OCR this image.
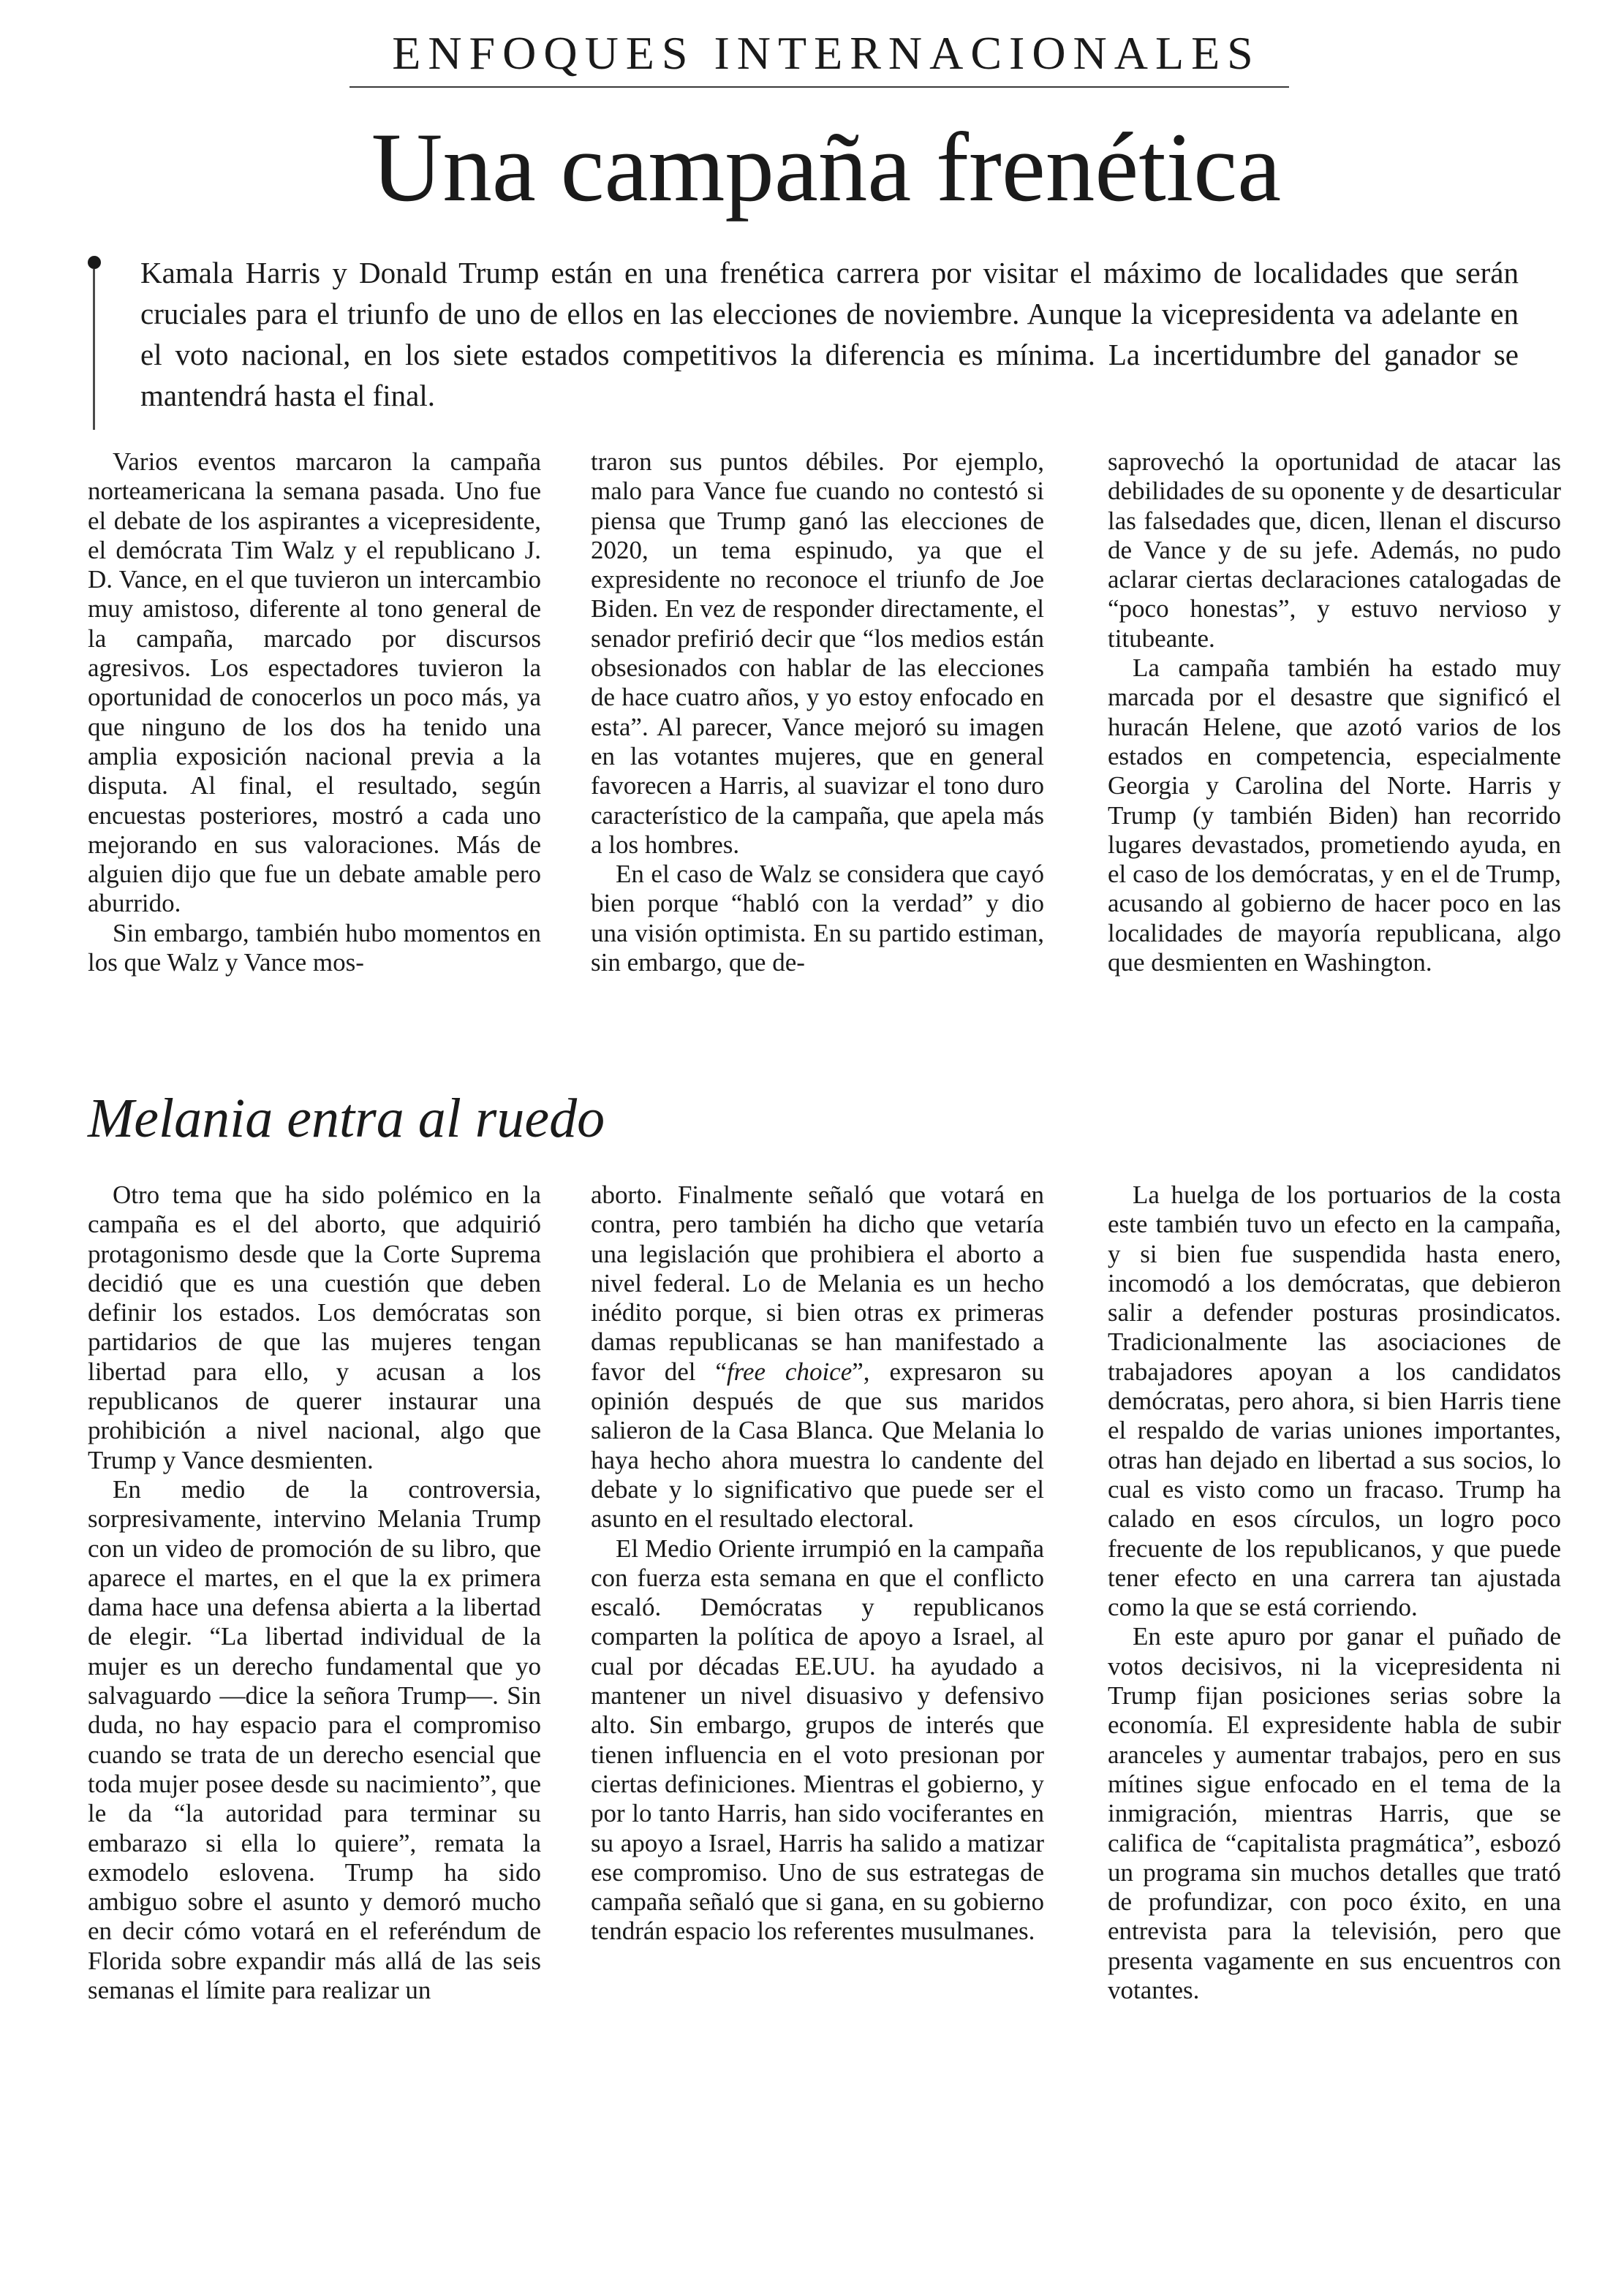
ENFOQUES INTERNACIONALES
Una campaña frenética
Kamala Harris y Donald Trump están en una frenética carrera por visitar el máximo de localidades que serán cruciales para el triunfo de uno de ellos en las elecciones de noviembre. Aunque la vicepresidenta va adelante en el voto nacional, en los siete estados competitivos la diferencia es mínima. La incertidumbre del ganador se mantendrá hasta el final.

Varios eventos marcaron la campaña norteamericana la semana pasada. Uno fue el debate de los aspirantes a vicepresidente, el demócrata Tim Walz y el republicano J. D. Vance, en el que tuvieron un intercambio muy amistoso, diferente al tono general de la campaña, marcado por discursos agresivos. Los espectadores tuvieron la oportunidad de conocerlos un poco más, ya que ninguno de los dos ha tenido una amplia exposición nacional previa a la disputa. Al final, el resultado, según encuestas posteriores, mostró a cada uno mejorando en sus valoraciones. Más de alguien dijo que fue un debate amable pero aburrido.

Sin embargo, también hubo momentos en los que Walz y Vance mos-

traron sus puntos débiles. Por ejemplo, malo para Vance fue cuando no contestó si piensa que Trump ganó las elecciones de 2020, un tema espinudo, ya que el expresidente no reconoce el triunfo de Joe Biden. En vez de responder directamente, el senador prefirió decir que “los medios están obsesionados con hablar de las elecciones de hace cuatro años, y yo estoy enfocado en esta”. Al parecer, Vance mejoró su imagen en las votantes mujeres, que en general favorecen a Harris, al suavizar el tono duro característico de la campaña, que apela más a los hombres.

En el caso de Walz se considera que cayó bien porque “habló con la verdad” y dio una visión optimista. En su partido estiman, sin embargo, que de-

saprovechó la oportunidad de atacar las debilidades de su oponente y de desarticular las falsedades que, dicen, llenan el discurso de Vance y de su jefe. Además, no pudo aclarar ciertas declaraciones catalogadas de “poco honestas”, y estuvo nervioso y titubeante.

La campaña también ha estado muy marcada por el desastre que significó el huracán Helene, que azotó varios de los estados en competencia, especialmente Georgia y Carolina del Norte. Harris y Trump (y también Biden) han recorrido lugares devastados, prometiendo ayuda, en el caso de los demócratas, y en el de Trump, acusando al gobierno de hacer poco en las localidades de mayoría republicana, algo que desmienten en Washington.

Melania entra al ruedo

Otro tema que ha sido polémico en la campaña es el del aborto, que adquirió protagonismo desde que la Corte Suprema decidió que es una cuestión que deben definir los estados. Los demócratas son partidarios de que las mujeres tengan libertad para ello, y acusan a los republicanos de querer instaurar una prohibición a nivel nacional, algo que Trump y Vance desmienten.

En medio de la controversia, sorpresivamente, intervino Melania Trump con un video de promoción de su libro, que aparece el martes, en el que la ex primera dama hace una defensa abierta a la libertad de elegir. “La libertad individual de la mujer es un derecho fundamental que yo salvaguardo —dice la señora Trump—. Sin duda, no hay espacio para el compromiso cuando se trata de un derecho esencial que toda mujer posee desde su nacimiento”, que le da “la autoridad para terminar su embarazo si ella lo quiere”, remata la exmodelo eslovena. Trump ha sido ambiguo sobre el asunto y demoró mucho en decir cómo votará en el referéndum de Florida sobre expandir más allá de las seis semanas el límite para realizar un

aborto. Finalmente señaló que votará en contra, pero también ha dicho que vetaría una legislación que prohibiera el aborto a nivel federal. Lo de Melania es un hecho inédito porque, si bien otras ex primeras damas republicanas se han manifestado a favor del “free choice”, expresaron su opinión después de que sus maridos salieron de la Casa Blanca. Que Melania lo haya hecho ahora muestra lo candente del debate y lo significativo que puede ser el asunto en el resultado electoral.

El Medio Oriente irrumpió en la campaña con fuerza esta semana en que el conflicto escaló. Demócratas y republicanos comparten la política de apoyo a Israel, al cual por décadas EE.UU. ha ayudado a mantener un nivel disuasivo y defensivo alto. Sin embargo, grupos de interés que tienen influencia en el voto presionan por ciertas definiciones. Mientras el gobierno, y por lo tanto Harris, han sido vociferantes en su apoyo a Israel, Harris ha salido a matizar ese compromiso. Uno de sus estrategas de campaña señaló que si gana, en su gobierno tendrán espacio los referentes musulmanes.

La huelga de los portuarios de la costa este también tuvo un efecto en la campaña, y si bien fue suspendida hasta enero, incomodó a los demócratas, que debieron salir a defender posturas prosindicatos. Tradicionalmente las asociaciones de trabajadores apoyan a los candidatos demócratas, pero ahora, si bien Harris tiene el respaldo de varias uniones importantes, otras han dejado en libertad a sus socios, lo cual es visto como un fracaso. Trump ha calado en esos círculos, un logro poco frecuente de los republicanos, y que puede tener efecto en una carrera tan ajustada como la que se está corriendo.

En este apuro por ganar el puñado de votos decisivos, ni la vicepresidenta ni Trump fijan posiciones serias sobre la economía. El expresidente habla de subir aranceles y aumentar trabajos, pero en sus mítines sigue enfocado en el tema de la inmigración, mientras Harris, que se califica de “capitalista pragmática”, esbozó un programa sin muchos detalles que trató de profundizar, con poco éxito, en una entrevista para la televisión, pero que presenta vagamente en sus encuentros con votantes.
